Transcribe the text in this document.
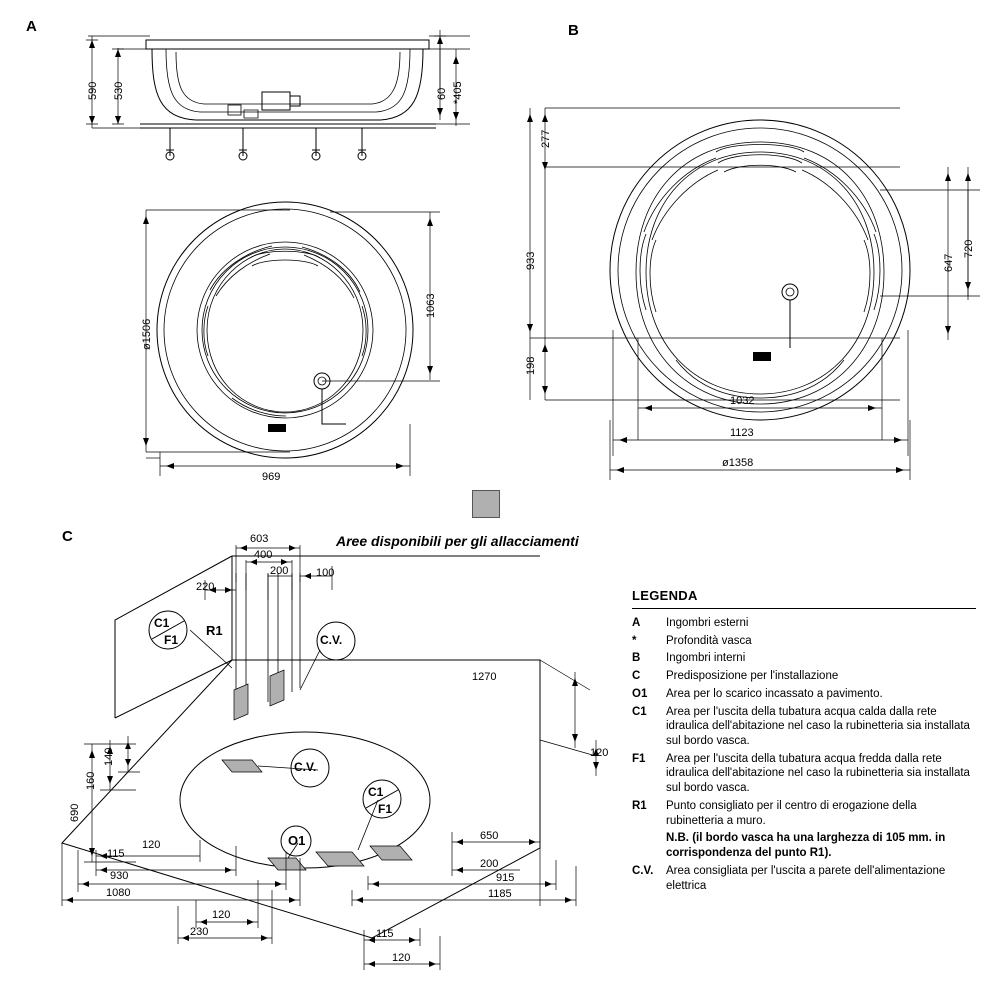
A	B
C
590 530	60 *405
ø1506
1063
969
277
933
198
647
720
1032
1123
ø1358
Aree disponibili per gli allacciamenti
603
400
200
220
100
1270
120
140
160
690
115
120
930
1080
120
230
650
200
915
1185
115
120
C1
F1
R1
C.V.
C.V.
C1
F1
O1
LEGENDA
A	Ingombri esterni
*	Profondità vasca
B	Ingombri interni
C	Predisposizione per l'installazione
O1	Area per lo scarico incassato a pavimento.
C1	Area per l'uscita della tubatura acqua calda dalla rete idraulica dell'abitazione nel caso la rubinetteria sia installata sul bordo vasca.
F1	Area per l'uscita della tubatura acqua fredda dalla rete idraulica dell'abitazione nel caso la rubinetteria sia installata sul bordo vasca.
R1	Punto consigliato per il centro di erogazione della rubinetteria a muro.
N.B. (il bordo vasca ha una larghezza di 105 mm. in corrispondenza del punto R1).
C.V.	Area consigliata per l'uscita a parete dell'alimentazione elettrica
